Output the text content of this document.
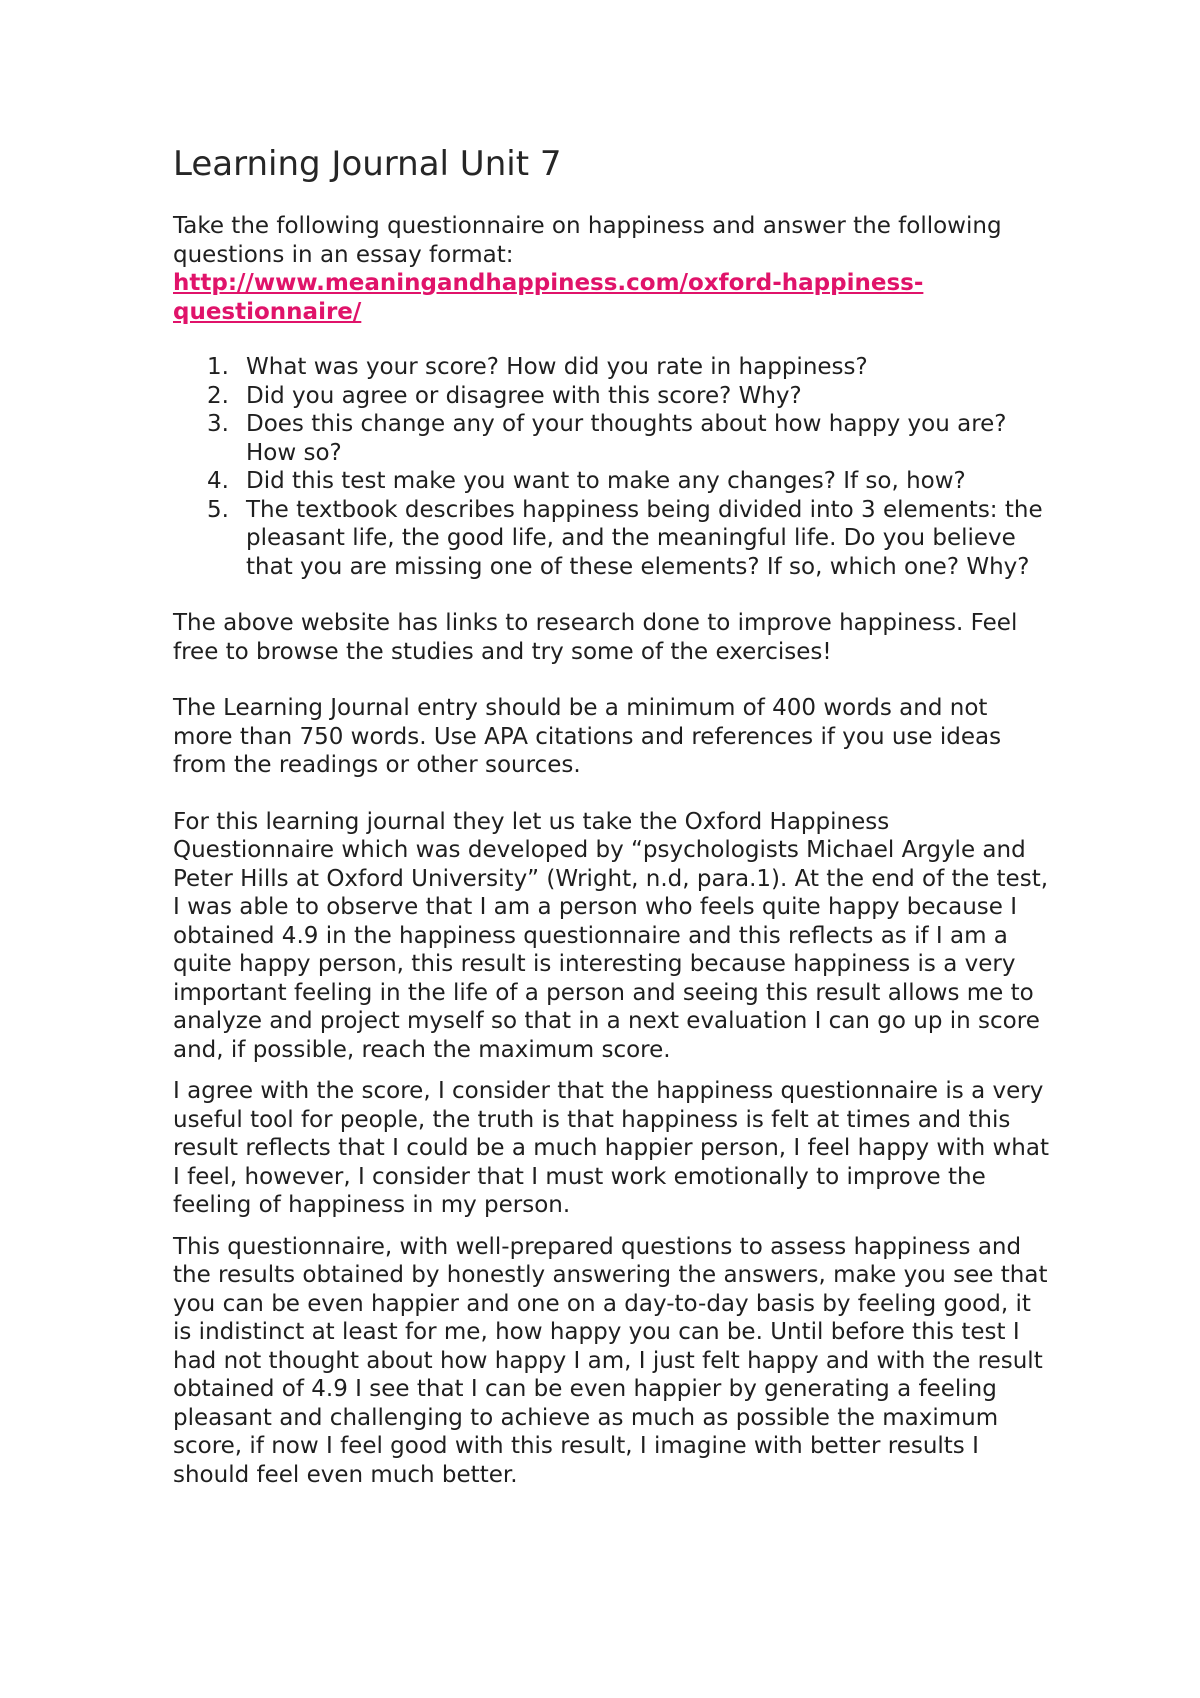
Learning Journal Unit 7

Take the following questionnaire on happiness and answer the following questions in an essay format: http://www.meaningandhappiness.com/oxford-happiness-questionnaire/

1. What was your score? How did you rate in happiness?
2. Did you agree or disagree with this score? Why?
3. Does this change any of your thoughts about how happy you are? How so?
4. Did this test make you want to make any changes? If so, how?
5. The textbook describes happiness being divided into 3 elements: the pleasant life, the good life, and the meaningful life. Do you believe that you are missing one of these elements? If so, which one? Why?

The above website has links to research done to improve happiness. Feel free to browse the studies and try some of the exercises!

The Learning Journal entry should be a minimum of 400 words and not more than 750 words. Use APA citations and references if you use ideas from the readings or other sources.

For this learning journal they let us take the Oxford Happiness Questionnaire which was developed by “psychologists Michael Argyle and Peter Hills at Oxford University” (Wright, n.d, para.1). At the end of the test, I was able to observe that I am a person who feels quite happy because I obtained 4.9 in the happiness questionnaire and this reflects as if I am a quite happy person, this result is interesting because happiness is a very important feeling in the life of a person and seeing this result allows me to analyze and project myself so that in a next evaluation I can go up in score and, if possible, reach the maximum score.

I agree with the score, I consider that the happiness questionnaire is a very useful tool for people, the truth is that happiness is felt at times and this result reflects that I could be a much happier person, I feel happy with what I feel, however, I consider that I must work emotionally to improve the feeling of happiness in my person.

This questionnaire, with well-prepared questions to assess happiness and the results obtained by honestly answering the answers, make you see that you can be even happier and one on a day-to-day basis by feeling good, it is indistinct at least for me, how happy you can be. Until before this test I had not thought about how happy I am, I just felt happy and with the result obtained of 4.9 I see that I can be even happier by generating a feeling pleasant and challenging to achieve as much as possible the maximum score, if now I feel good with this result, I imagine with better results I should feel even much better.
